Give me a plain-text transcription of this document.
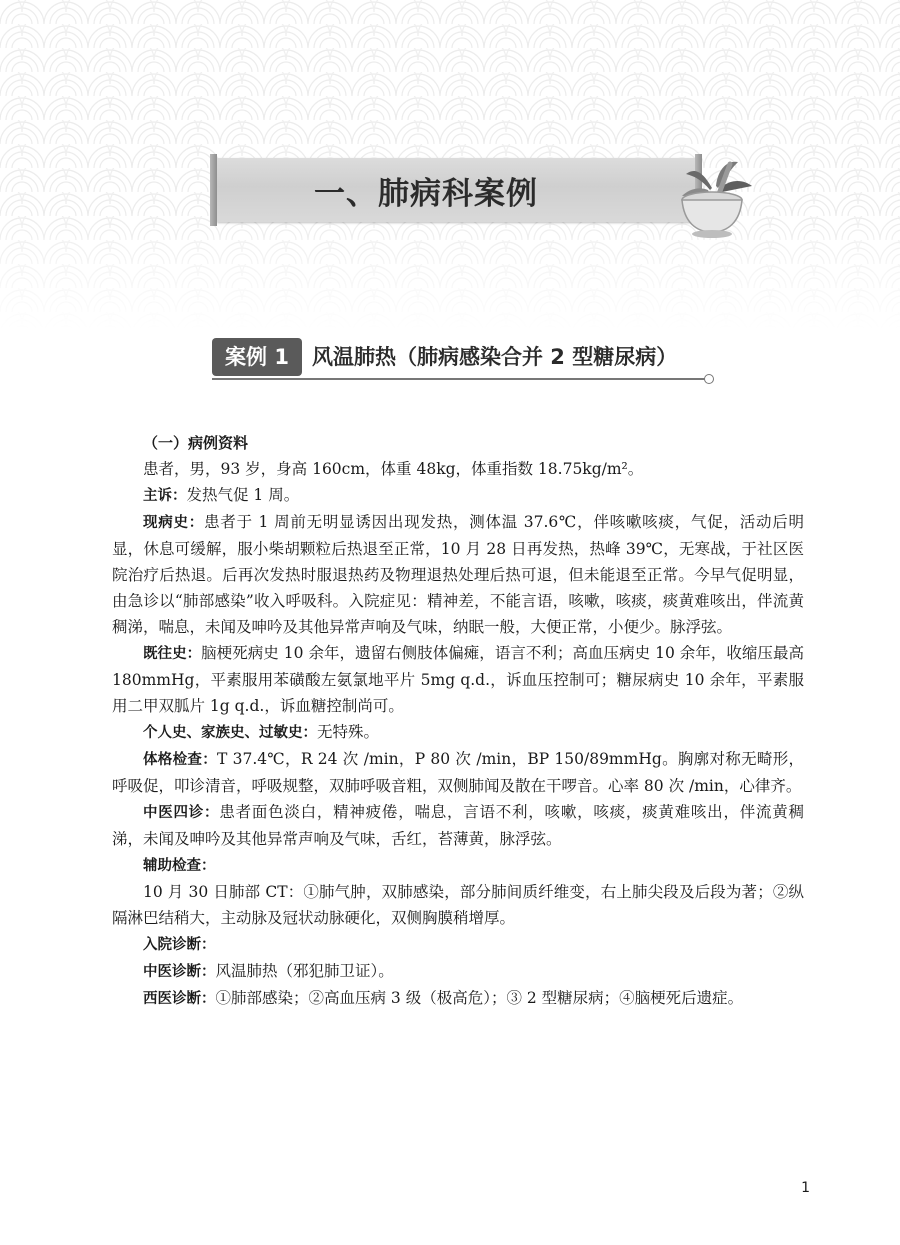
一、肺病科案例
案例 1	风温肺热（肺病感染合并 2 型糖尿病）

（一）病例资料

患者，男，93 岁，身高 160cm，体重 48kg，体重指数 18.75kg/m²。

主诉：发热气促 1 周。

现病史：患者于 1 周前无明显诱因出现发热，测体温 37.6℃，伴咳嗽咳痰，气促，活动后明显，休息可缓解，服小柴胡颗粒后热退至正常，10 月 28 日再发热，热峰 39℃，无寒战，于社区医院治疗后热退。后再次发热时服退热药及物理退热处理后热可退，但未能退至正常。今早气促明显，由急诊以“肺部感染”收入呼吸科。入院症见：精神差，不能言语，咳嗽，咳痰，痰黄难咳出，伴流黄稠涕，喘息，未闻及呻吟及其他异常声响及气味，纳眠一般，大便正常，小便少。脉浮弦。

既往史：脑梗死病史 10 余年，遗留右侧肢体偏瘫，语言不利；高血压病史 10 余年，收缩压最高 180mmHg，平素服用苯磺酸左氨氯地平片 5mg q.d.，诉血压控制可；糖尿病史 10 余年，平素服用二甲双胍片 1g q.d.，诉血糖控制尚可。

个人史、家族史、过敏史：无特殊。

体格检查：T 37.4℃，R 24 次 /min，P 80 次 /min，BP 150/89mmHg。胸廓对称无畸形，呼吸促，叩诊清音，呼吸规整，双肺呼吸音粗，双侧肺闻及散在干啰音。心率 80 次 /min，心律齐。

中医四诊：患者面色淡白，精神疲倦，喘息，言语不利，咳嗽，咳痰，痰黄难咳出，伴流黄稠涕，未闻及呻吟及其他异常声响及气味，舌红，苔薄黄，脉浮弦。

辅助检查：

10 月 30 日肺部 CT：①肺气肿，双肺感染，部分肺间质纤维变，右上肺尖段及后段为著；②纵隔淋巴结稍大，主动脉及冠状动脉硬化，双侧胸膜稍增厚。

入院诊断：

中医诊断：风温肺热（邪犯肺卫证）。

西医诊断：①肺部感染；②高血压病 3 级（极高危）；③ 2 型糖尿病；④脑梗死后遗症。

1
